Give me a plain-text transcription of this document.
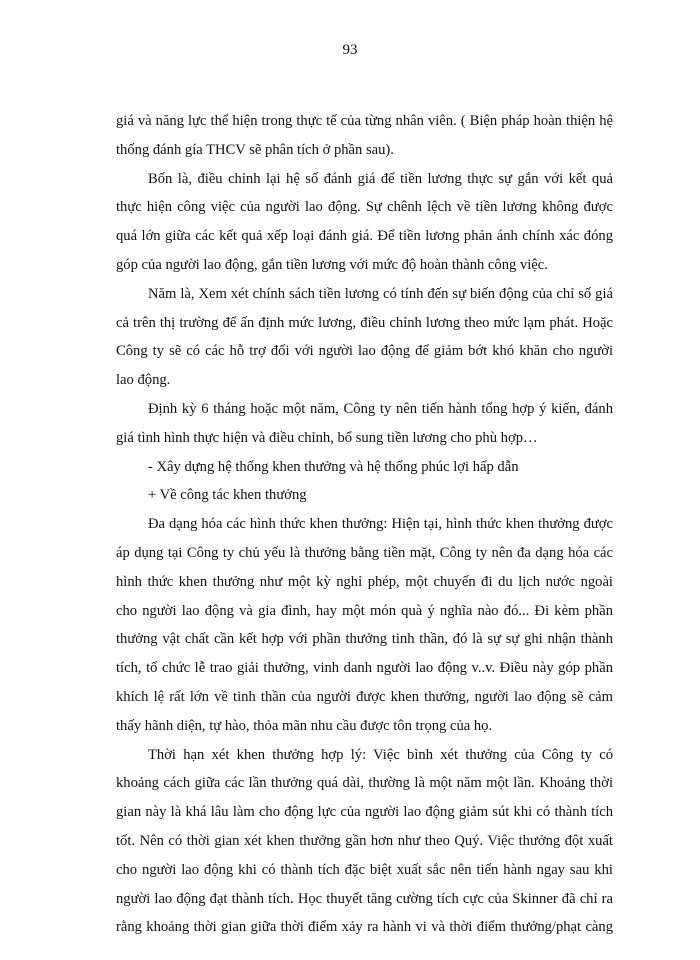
93
giá và năng lực thể hiện trong thực tế của từng nhân viên. ( Biện pháp hoàn thiện hệ
thống đánh gía THCV sẽ phân tích ở phần sau).
Bốn là, điều chỉnh lại hệ số đánh giá để tiền lương thực sự gắn với kết quả
thực hiện công việc của người lao động. Sự chênh lệch về tiền lương không được
quá lớn giữa các kết quả xếp loại đánh giá. Để tiền lương phản ánh chính xác đóng
góp của người lao động, gắn tiền lương với mức độ hoàn thành công việc.
Năm là, Xem xét chính sách tiền lương có tính đến sự biến động của chỉ số giá
cả trên thị trường để ấn định mức lương, điều chỉnh lương theo mức lạm phát. Hoặc
Công ty sẽ có các hỗ trợ đối với người lao động để giảm bớt khó khăn cho người
lao động.
Định kỳ 6 tháng hoặc một năm, Công ty nên tiến hành tổng hợp ý kiến, đánh
giá tình hình thực hiện và điều chỉnh, bổ sung tiền lương cho phù hợp…
- Xây dựng hệ thống khen thưởng và hệ thống phúc lợi hấp dẫn
+ Về công tác khen thưởng
Đa dạng hóa các hình thức khen thưởng: Hiện tại, hình thức khen thưởng được
áp dụng tại Công ty chủ yếu là thưởng bằng tiền mặt, Công ty nên đa dạng hóa các
hình thức khen thưởng như một kỳ nghỉ phép, một chuyến đi du lịch nước ngoài
cho người lao động và gia đình, hay một món quà ý nghĩa nào đó... Đi kèm phần
thưởng vật chất cần kết hợp với phần thưởng tinh thần, đó là sự sự ghi nhận thành
tích, tổ chức lễ trao giải thưởng, vinh danh người lao động v..v. Điều này góp phần
khích lệ rất lớn về tinh thần của người được khen thưởng, người lao động sẽ cảm
thấy hãnh diện, tự hào, thỏa mãn nhu cầu được tôn trọng của họ.
Thời hạn xét khen thưởng hợp lý: Việc bình xét thưởng của Công ty có
khoảng cách giữa các lần thưởng quá dài, thường là một năm một lần. Khoảng thời
gian này là khá lâu làm cho động lực của người lao động giảm sút khi có thành tích
tốt. Nên có thời gian xét khen thưởng gần hơn như theo Quý. Việc thưởng đột xuất
cho người lao động khi có thành tích đặc biệt xuất sắc nên tiến hành ngay sau khi
người lao động đạt thành tích. Học thuyết tăng cường tích cực của Skinner đã chỉ ra
rằng khoảng thời gian giữa thời điểm xảy ra hành vi và thời điểm thưởng/phạt càng
